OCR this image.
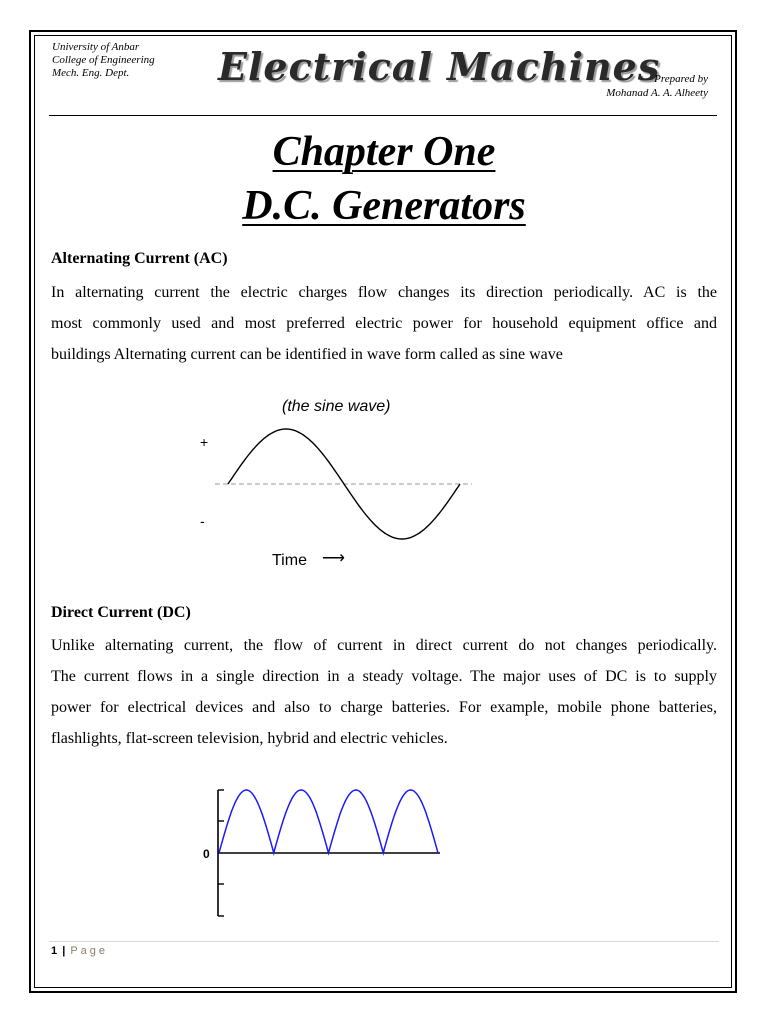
University of Anbar
College of Engineering
Mech. Eng. Dept.	Electrical Machines
Prepared by
Mohanad A. A. Alheety
Chapter One
D.C. Generators
Alternating Current (AC)
In alternating current the electric charges flow changes its direction periodically. AC is the
most commonly used and most preferred electric power for household equipment office and
buildings Alternating current can be identified in wave form called as sine wave
(the sine wave)
+
-
Time ⟶
Direct Current (DC)
Unlike alternating current, the flow of current in direct current do not changes periodically.
The current flows in a single direction in a steady voltage. The major uses of DC is to supply
power for electrical devices and also to charge batteries. For example, mobile phone batteries,
flashlights, flat-screen television, hybrid and electric vehicles.
0
1 | Page
